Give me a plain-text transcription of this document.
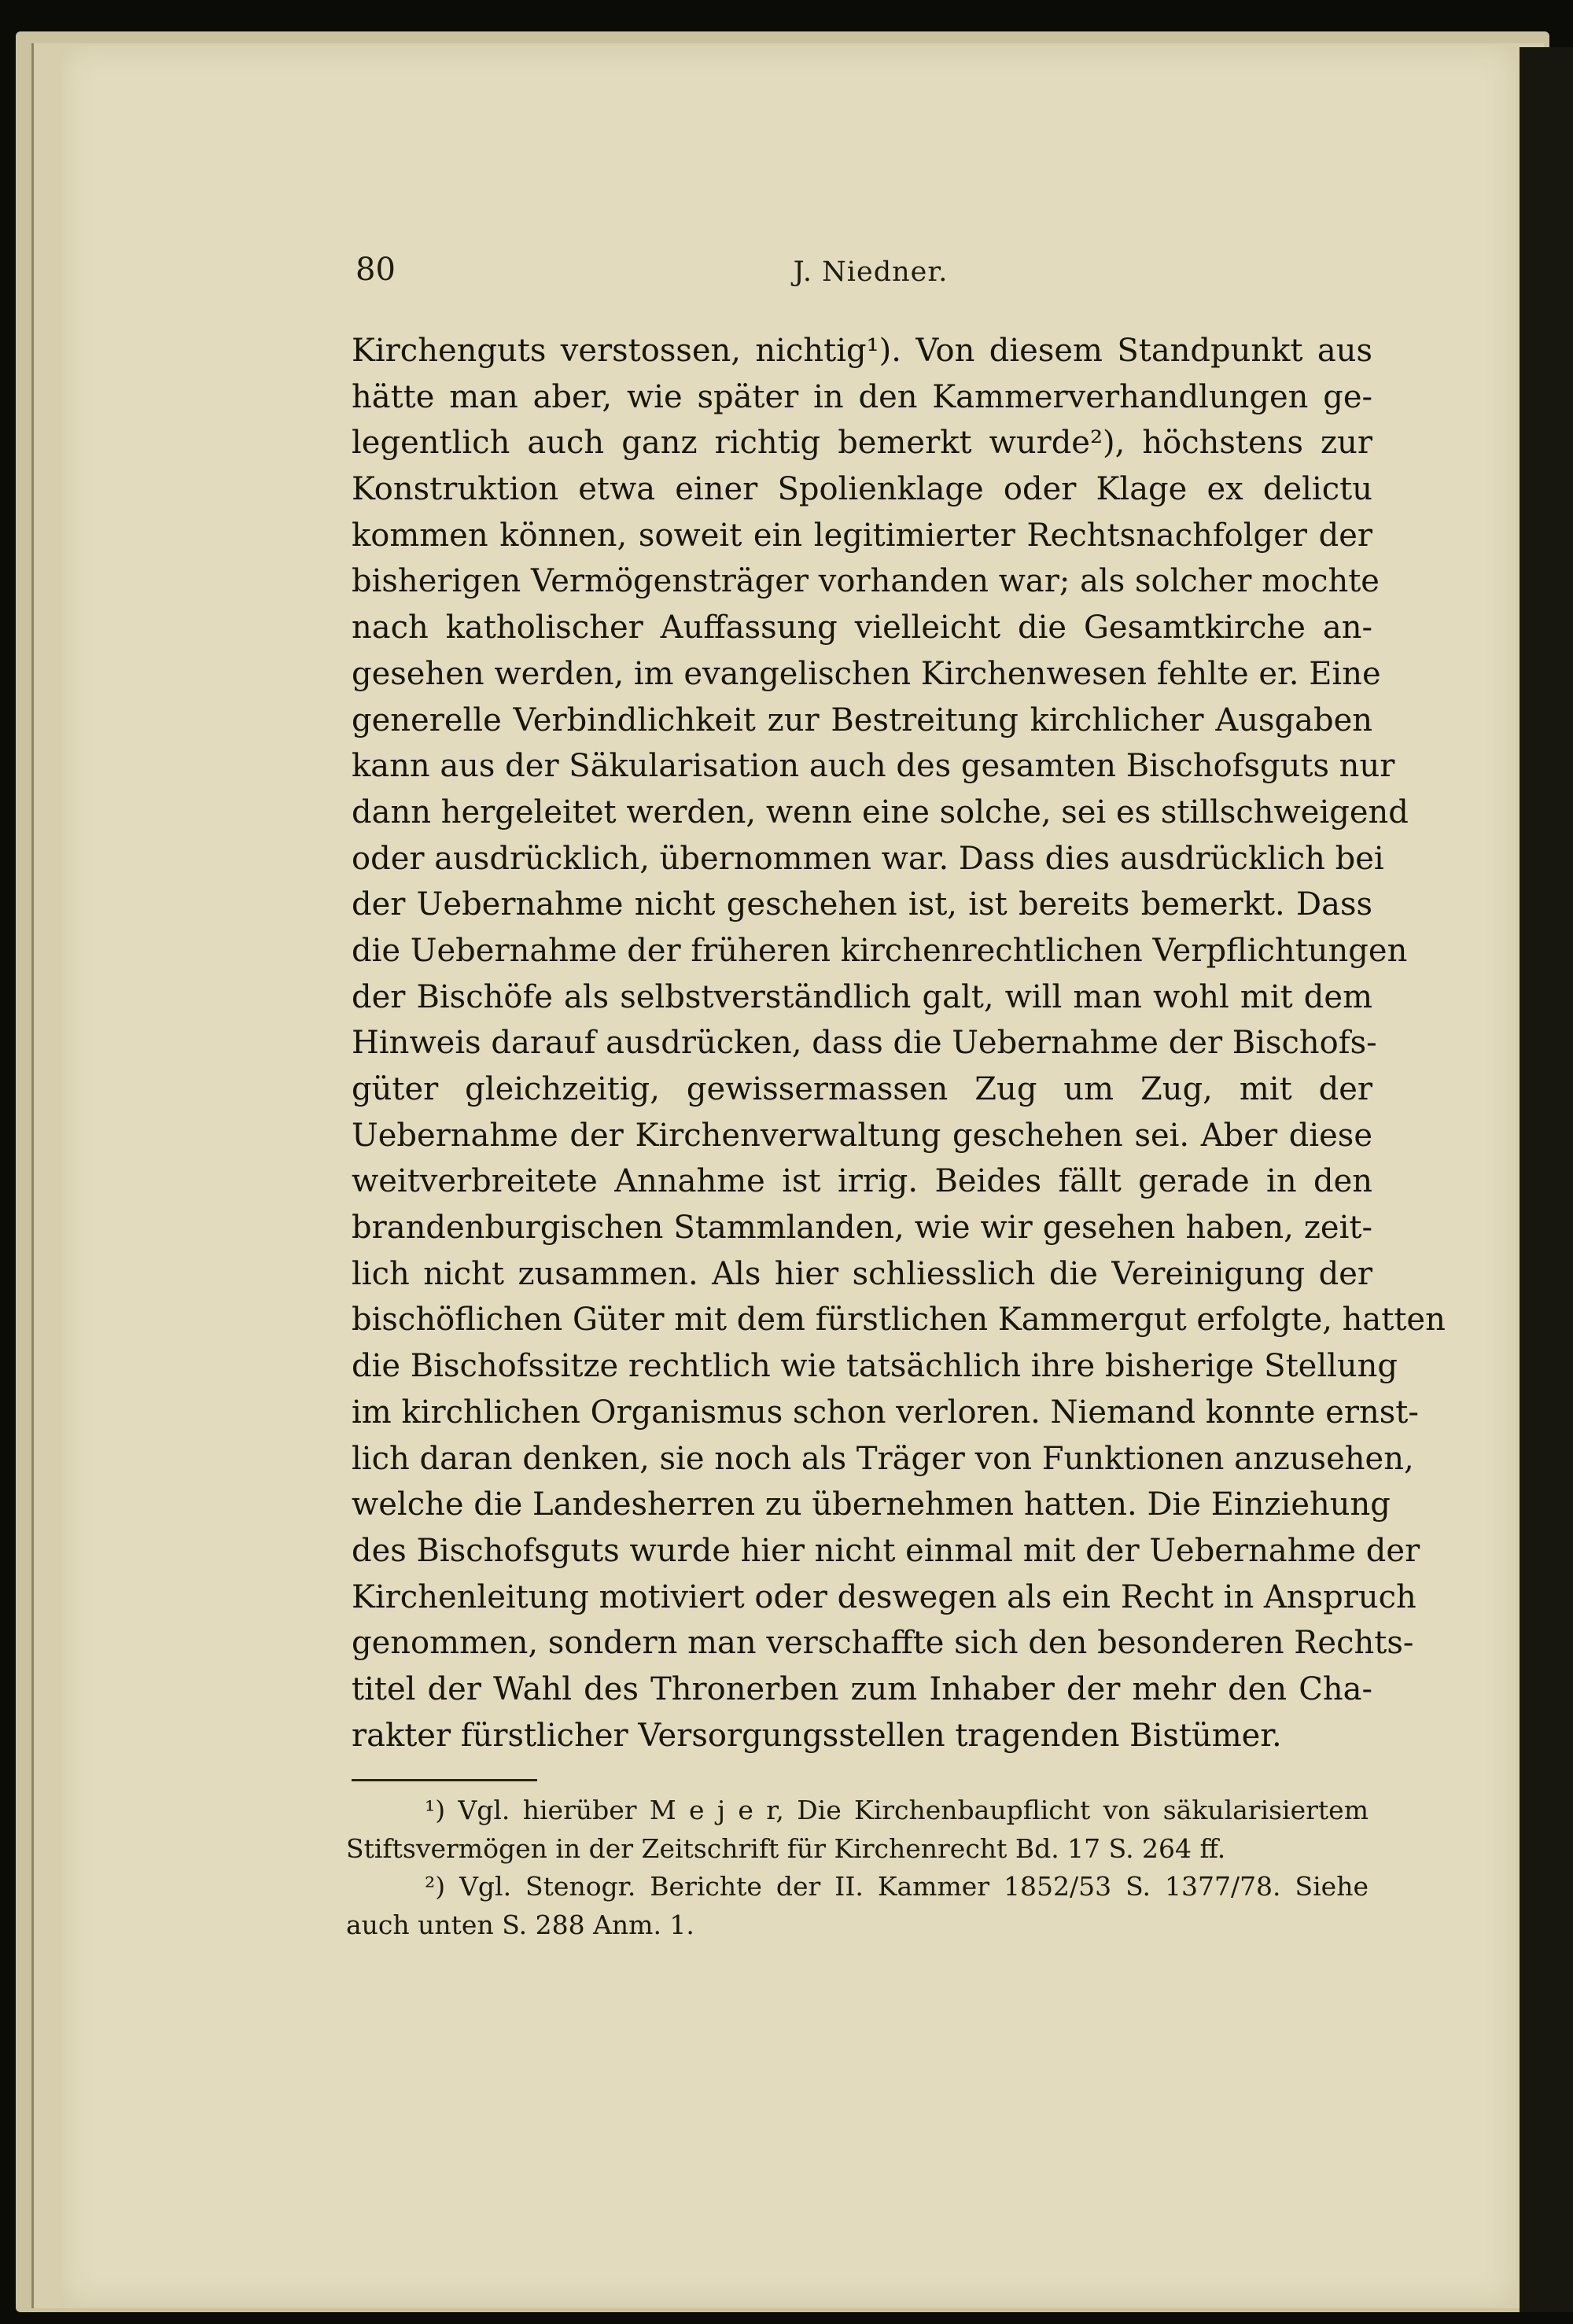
80	J. Niedner.
Kirchenguts verstossen, nichtig¹). Von diesem Standpunkt aus
hätte man aber, wie später in den Kammerverhandlungen ge-
legentlich auch ganz richtig bemerkt wurde²), höchstens zur
Konstruktion etwa einer Spolienklage oder Klage ex delictu
kommen können, soweit ein legitimierter Rechtsnachfolger der
bisherigen Vermögensträger vorhanden war; als solcher mochte
nach katholischer Auffassung vielleicht die Gesamtkirche an-
gesehen werden, im evangelischen Kirchenwesen fehlte er. Eine
generelle Verbindlichkeit zur Bestreitung kirchlicher Ausgaben
kann aus der Säkularisation auch des gesamten Bischofsguts nur
dann hergeleitet werden, wenn eine solche, sei es stillschweigend
oder ausdrücklich, übernommen war. Dass dies ausdrücklich bei
der Uebernahme nicht geschehen ist, ist bereits bemerkt. Dass
die Uebernahme der früheren kirchenrechtlichen Verpflichtungen
der Bischöfe als selbstverständlich galt, will man wohl mit dem
Hinweis darauf ausdrücken, dass die Uebernahme der Bischofs-
güter gleichzeitig, gewissermassen Zug um Zug, mit der
Uebernahme der Kirchenverwaltung geschehen sei. Aber diese
weitverbreitete Annahme ist irrig. Beides fällt gerade in den
brandenburgischen Stammlanden, wie wir gesehen haben, zeit-
lich nicht zusammen. Als hier schliesslich die Vereinigung der
bischöflichen Güter mit dem fürstlichen Kammergut erfolgte, hatten
die Bischofssitze rechtlich wie tatsächlich ihre bisherige Stellung
im kirchlichen Organismus schon verloren. Niemand konnte ernst-
lich daran denken, sie noch als Träger von Funktionen anzusehen,
welche die Landesherren zu übernehmen hatten. Die Einziehung
des Bischofsguts wurde hier nicht einmal mit der Uebernahme der
Kirchenleitung motiviert oder deswegen als ein Recht in Anspruch
genommen, sondern man verschaffte sich den besonderen Rechts-
titel der Wahl des Thronerben zum Inhaber der mehr den Cha-
rakter fürstlicher Versorgungsstellen tragenden Bistümer.
¹) Vgl. hierüber M e j e r, Die Kirchenbaupflicht von säkularisiertem
Stiftsvermögen in der Zeitschrift für Kirchenrecht Bd. 17 S. 264 ff.
²) Vgl. Stenogr. Berichte der II. Kammer 1852/53 S. 1377/78. Siehe
auch unten S. 288 Anm. 1.
